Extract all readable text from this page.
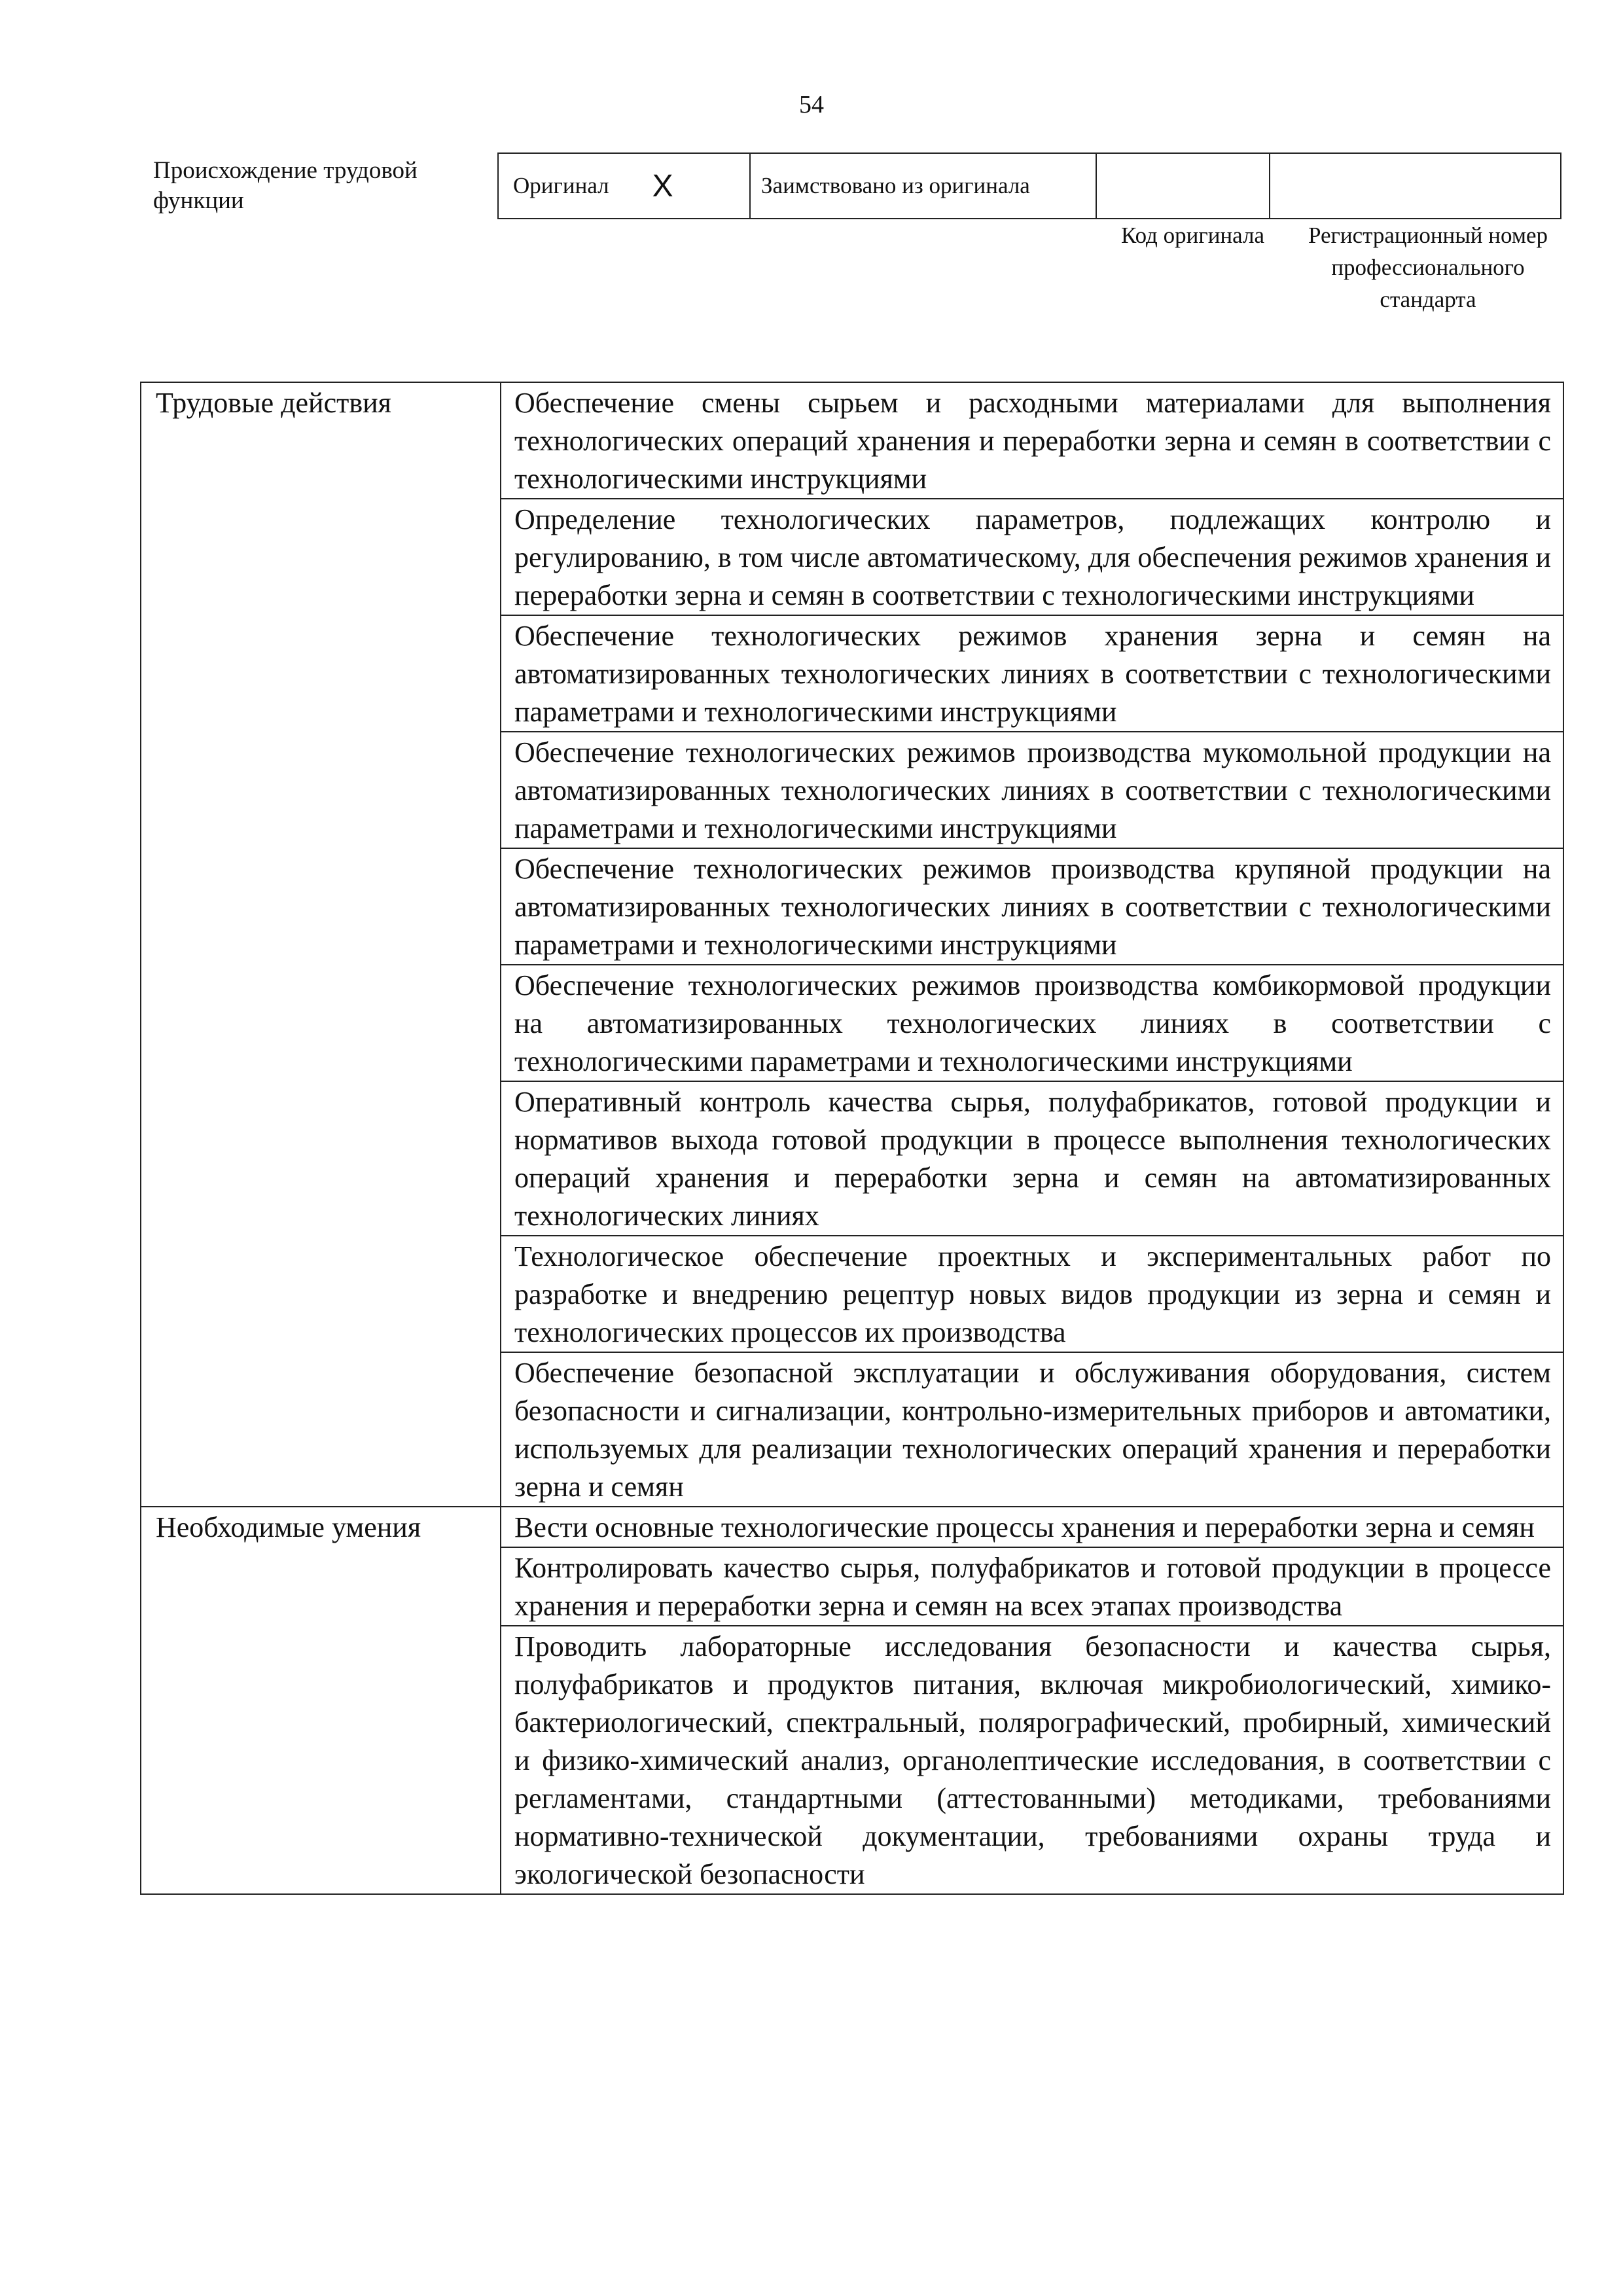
54
Происхождение трудовой функции
Оригинал X	Заимствовано из оригинала

Код оригинала	Регистрационный номер профессионального стандарта
Трудовые действия	Обеспечение смены сырьем и расходными материалами для выполнения технологических операций хранения и переработки зерна и семян в соответствии с технологическими инструкциями
	Определение технологических параметров, подлежащих контролю и регулированию, в том числе автоматическому, для обеспечения режимов хранения и переработки зерна и семян в соответствии с технологическими инструкциями
	Обеспечение технологических режимов хранения зерна и семян на автоматизированных технологических линиях в соответствии с технологическими параметрами и технологическими инструкциями
	Обеспечение технологических режимов производства мукомольной продукции на автоматизированных технологических линиях в соответствии с технологическими параметрами и технологическими инструкциями
	Обеспечение технологических режимов производства крупяной продукции на автоматизированных технологических линиях в соответствии с технологическими параметрами и технологическими инструкциями
	Обеспечение технологических режимов производства комбикормовой продукции на автоматизированных технологических линиях в соответствии с технологическими параметрами и технологическими инструкциями
	Оперативный контроль качества сырья, полуфабрикатов, готовой продукции и нормативов выхода готовой продукции в процессе выполнения технологических операций хранения и переработки зерна и семян на автоматизированных технологических линиях
	Технологическое обеспечение проектных и экспериментальных работ по разработке и внедрению рецептур новых видов продукции из зерна и семян и технологических процессов их производства
	Обеспечение безопасной эксплуатации и обслуживания оборудования, систем безопасности и сигнализации, контрольно-измерительных приборов и автоматики, используемых для реализации технологических операций хранения и переработки зерна и семян
Необходимые умения	Вести основные технологические процессы хранения и переработки зерна и семян
	Контролировать качество сырья, полуфабрикатов и готовой продукции в процессе хранения и переработки зерна и семян на всех этапах производства
	Проводить лабораторные исследования безопасности и качества сырья, полуфабрикатов и продуктов питания, включая микробиологический, химико-бактериологический, спектральный, полярографический, пробирный, химический и физико-химический анализ, органолептические исследования, в соответствии с регламентами, стандартными (аттестованными) методиками, требованиями нормативно-технической документации, требованиями охраны труда и экологической безопасности
